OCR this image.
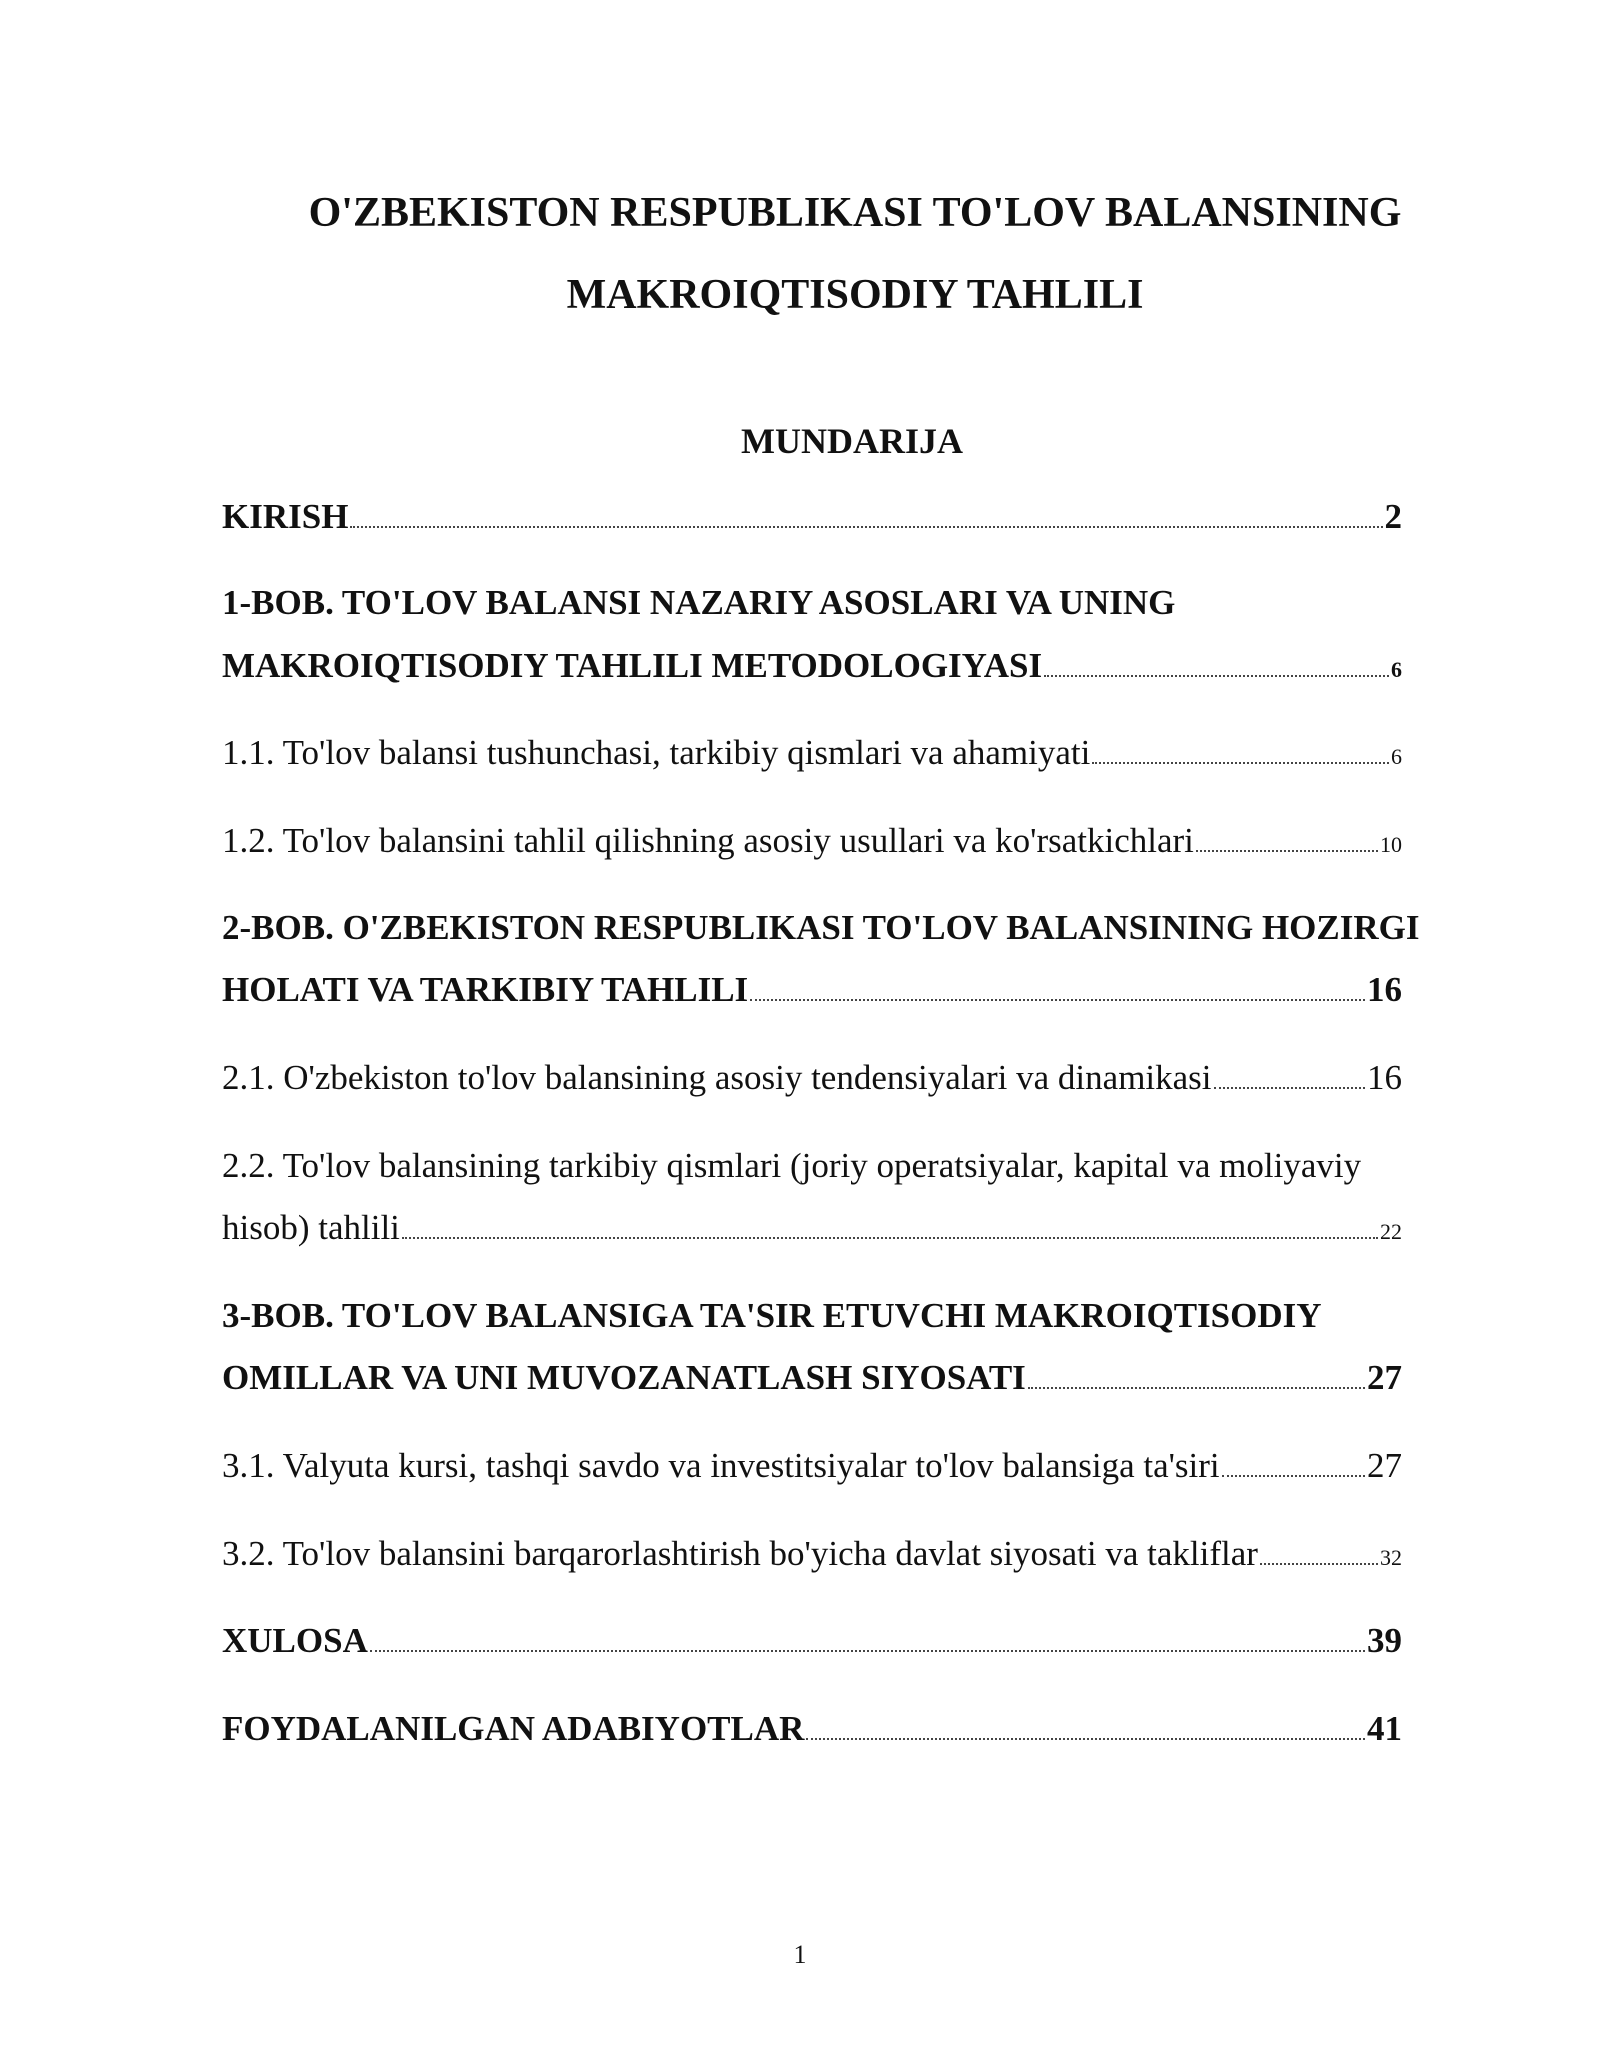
O'ZBEKISTON RESPUBLIKASI TO'LOV BALANSINING
MAKROIQTISODIY TAHLILI
MUNDARIJA
KIRISH	2
1-BOB. TO'LOV BALANSI NAZARIY ASOSLARI VA UNING
MAKROIQTISODIY TAHLILI METODOLOGIYASI	6
1.1. To'lov balansi tushunchasi, tarkibiy qismlari va ahamiyati	6
1.2. To'lov balansini tahlil qilishning asosiy usullari va ko'rsatkichlari	10
2-BOB. O'ZBEKISTON RESPUBLIKASI TO'LOV BALANSINING HOZIRGI
HOLATI VA TARKIBIY TAHLILI	16
2.1. O'zbekiston to'lov balansining asosiy tendensiyalari va dinamikasi	16
2.2. To'lov balansining tarkibiy qismlari (joriy operatsiyalar, kapital va moliyaviy
hisob) tahlili	22
3-BOB. TO'LOV BALANSIGA TA'SIR ETUVCHI MAKROIQTISODIY
OMILLAR VA UNI MUVOZANATLASH SIYOSATI	27
3.1. Valyuta kursi, tashqi savdo va investitsiyalar to'lov balansiga ta'siri	27
3.2. To'lov balansini barqarorlashtirish bo'yicha davlat siyosati va takliflar	32
XULOSA	39
FOYDALANILGAN ADABIYOTLAR	41
1
